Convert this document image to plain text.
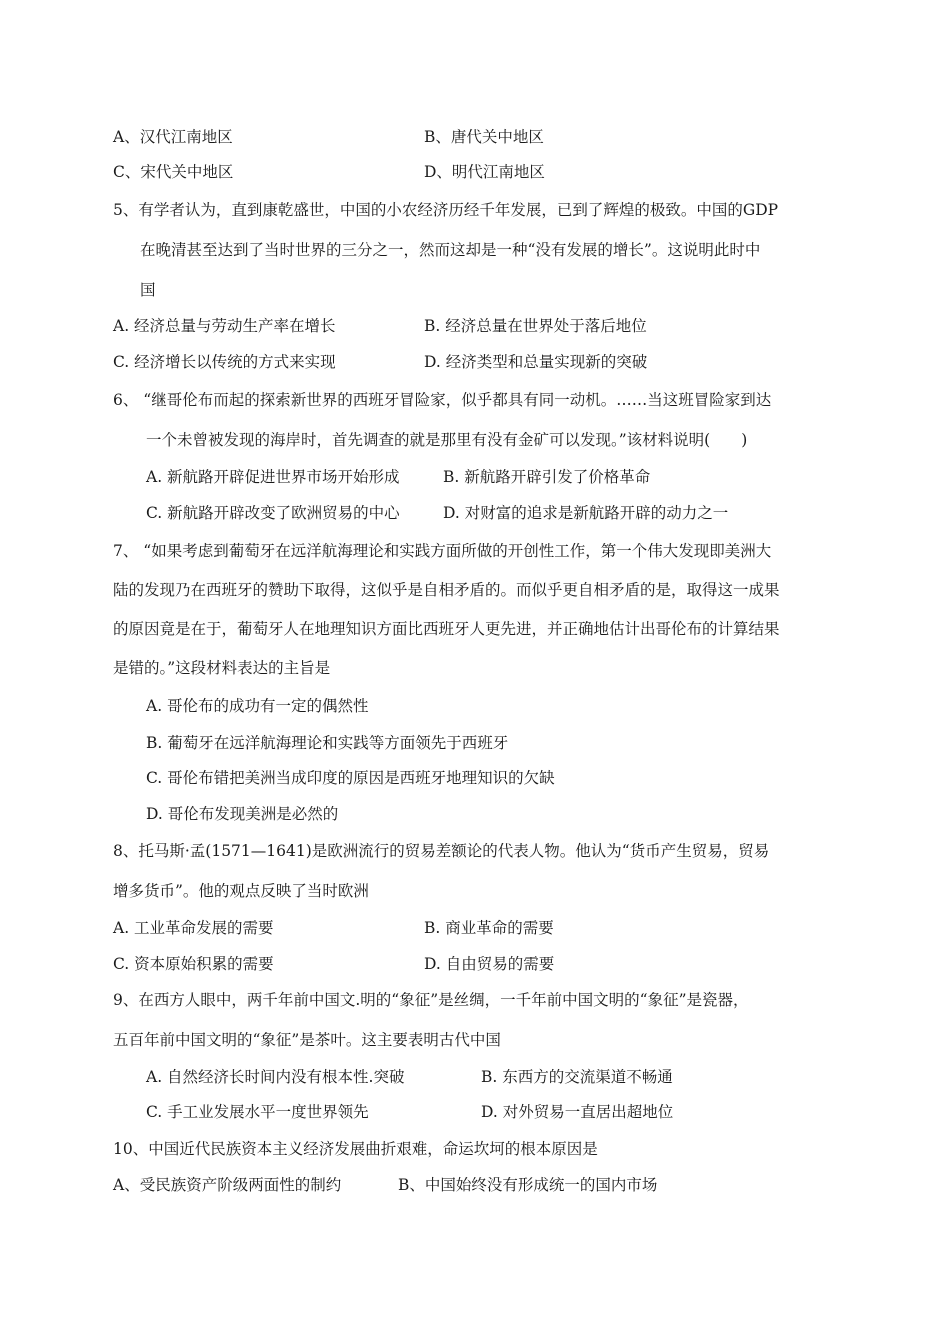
A、汉代江南地区	B、唐代关中地区
C、宋代关中地区	D、明代江南地区
5、有学者认为，直到康乾盛世，中国的小农经济历经千年发展，已到了辉煌的极致。中国的GDP
在晚清甚至达到了当时世界的三分之一，然而这却是一种“没有发展的增长”。这说明此时中
国
A. 经济总量与劳动生产率在增长	B. 经济总量在世界处于落后地位
C. 经济增长以传统的方式来实现	D. 经济类型和总量实现新的突破
6、 “继哥伦布而起的探索新世界的西班牙冒险家，似乎都具有同一动机。……当这班冒险家到达
一个未曾被发现的海岸时，首先调查的就是那里有没有金矿可以发现。”该材料说明(　　)
A. 新航路开辟促进世界市场开始形成	B. 新航路开辟引发了价格革命
C. 新航路开辟改变了欧洲贸易的中心	D. 对财富的追求是新航路开辟的动力之一
7、 “如果考虑到葡萄牙在远洋航海理论和实践方面所做的开创性工作，第一个伟大发现即美洲大
陆的发现乃在西班牙的赞助下取得，这似乎是自相矛盾的。而似乎更自相矛盾的是，取得这一成果
的原因竟是在于，葡萄牙人在地理知识方面比西班牙人更先进，并正确地估计出哥伦布的计算结果
是错的。”这段材料表达的主旨是
A. 哥伦布的成功有一定的偶然性
B. 葡萄牙在远洋航海理论和实践等方面领先于西班牙
C. 哥伦布错把美洲当成印度的原因是西班牙地理知识的欠缺
D. 哥伦布发现美洲是必然的
8、托马斯·孟(1571—1641)是欧洲流行的贸易差额论的代表人物。他认为“货币产生贸易，贸易
增多货币”。他的观点反映了当时欧洲
A. 工业革命发展的需要	B. 商业革命的需要
C. 资本原始积累的需要	D. 自由贸易的需要
9、在西方人眼中，两千年前中国文.明的“象征”是丝绸，一千年前中国文明的“象征”是瓷器，
五百年前中国文明的“象征”是茶叶。这主要表明古代中国
A. 自然经济长时间内没有根本性.突破	B. 东西方的交流渠道不畅通
C. 手工业发展水平一度世界领先	D. 对外贸易一直居出超地位
10、中国近代民族资本主义经济发展曲折艰难，命运坎坷的根本原因是
A、受民族资产阶级两面性的制约	B、中国始终没有形成统一的国内市场
